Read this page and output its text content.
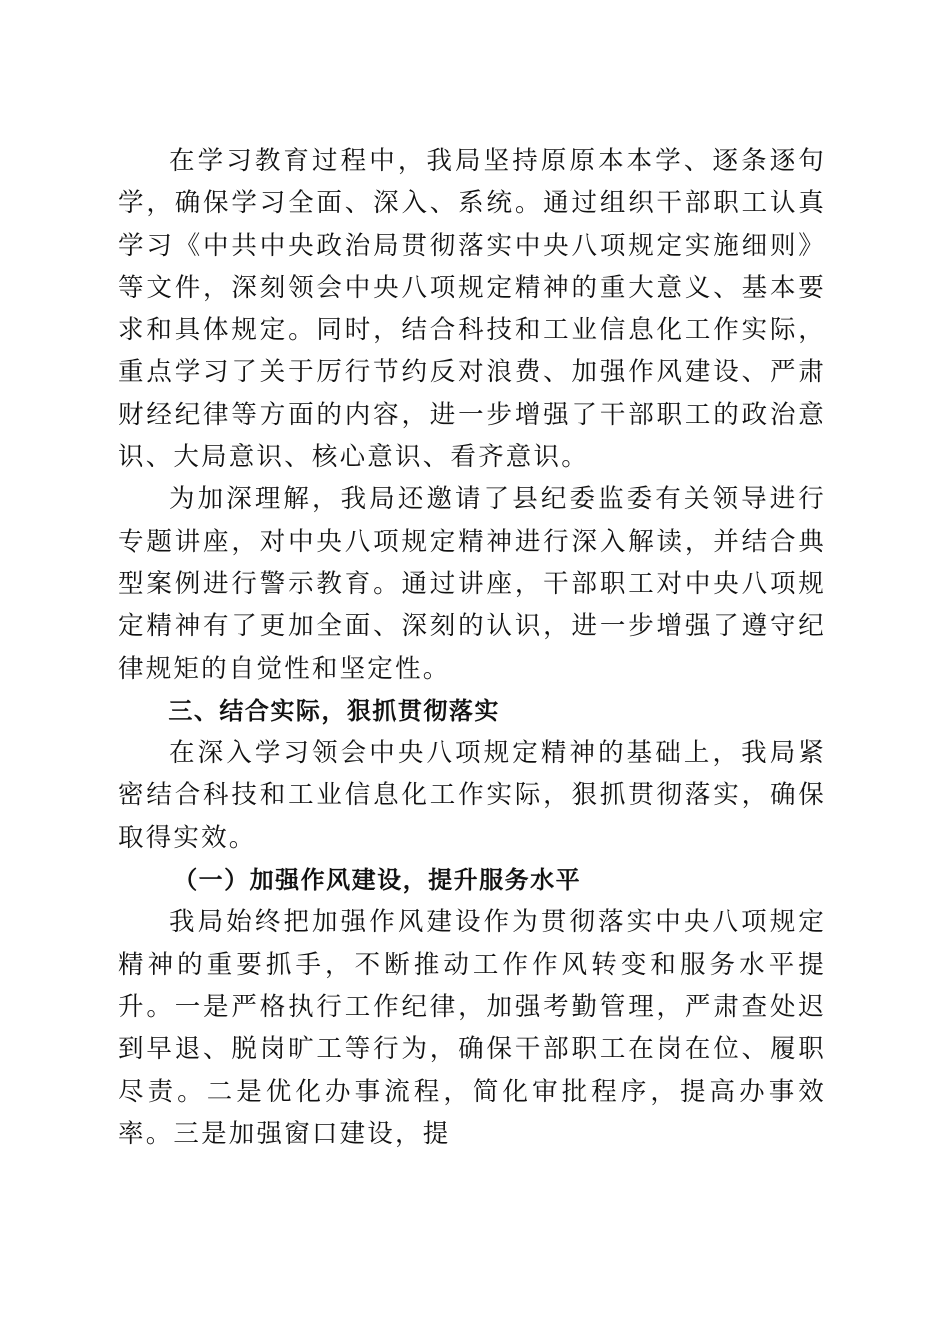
在学习教育过程中，我局坚持原原本本学、逐条逐句学，确保学习全面、深入、系统。通过组织干部职工认真学习《中共中央政治局贯彻落实中央八项规定实施细则》等文件，深刻领会中央八项规定精神的重大意义、基本要求和具体规定。同时，结合科技和工业信息化工作实际，重点学习了关于厉行节约反对浪费、加强作风建设、严肃财经纪律等方面的内容，进一步增强了干部职工的政治意识、大局意识、核心意识、看齐意识。

为加深理解，我局还邀请了县纪委监委有关领导进行专题讲座，对中央八项规定精神进行深入解读，并结合典型案例进行警示教育。通过讲座，干部职工对中央八项规定精神有了更加全面、深刻的认识，进一步增强了遵守纪律规矩的自觉性和坚定性。

三、结合实际，狠抓贯彻落实

在深入学习领会中央八项规定精神的基础上，我局紧密结合科技和工业信息化工作实际，狠抓贯彻落实，确保取得实效。

（一）加强作风建设，提升服务水平

我局始终把加强作风建设作为贯彻落实中央八项规定精神的重要抓手，不断推动工作作风转变和服务水平提升。一是严格执行工作纪律，加强考勤管理，严肃查处迟到早退、脱岗旷工等行为，确保干部职工在岗在位、履职尽责。二是优化办事流程，简化审批程序，提高办事效率。三是加强窗口建设，提
